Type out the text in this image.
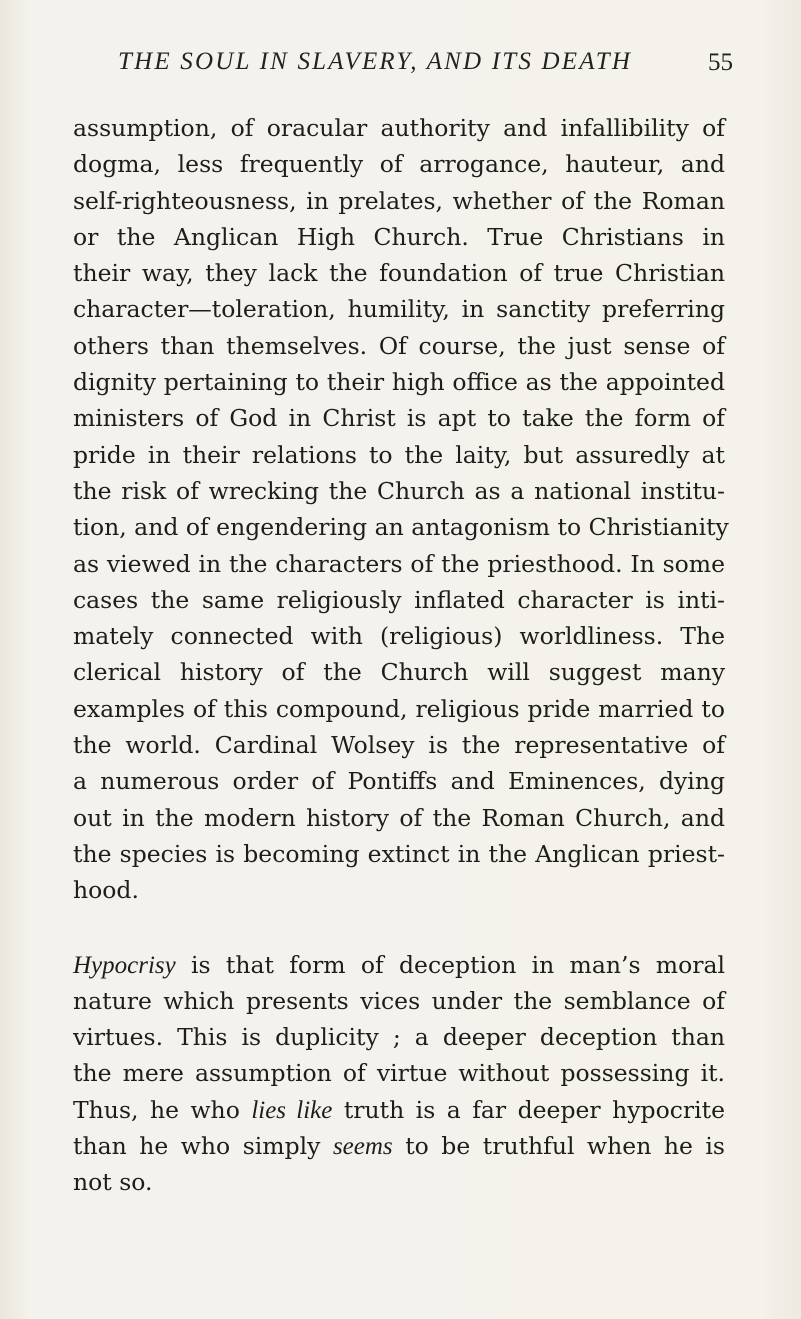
THE SOUL IN SLAVERY, AND ITS DEATH	55
assumption, of oracular authority and infallibility of
dogma, less frequently of arrogance, hauteur, and
self-righteousness, in prelates, whether of the Roman
or the Anglican High Church. True Christians in
their way, they lack the foundation of true Christian
character—toleration, humility, in sanctity preferring
others than themselves. Of course, the just sense of
dignity pertaining to their high office as the appointed
ministers of God in Christ is apt to take the form of
pride in their relations to the laity, but assuredly at
the risk of wrecking the Church as a national institu-
tion, and of engendering an antagonism to Christianity
as viewed in the characters of the priesthood. In some
cases the same religiously inflated character is inti-
mately connected with (religious) worldliness. The
clerical history of the Church will suggest many
examples of this compound, religious pride married to
the world. Cardinal Wolsey is the representative of
a numerous order of Pontiffs and Eminences, dying
out in the modern history of the Roman Church, and
the species is becoming extinct in the Anglican priest-
hood.
Hypocrisy is that form of deception in man’s moral
nature which presents vices under the semblance of
virtues. This is duplicity ; a deeper deception than
the mere assumption of virtue without possessing it.
Thus, he who lies like truth is a far deeper hypocrite
than he who simply seems to be truthful when he is
not so.
